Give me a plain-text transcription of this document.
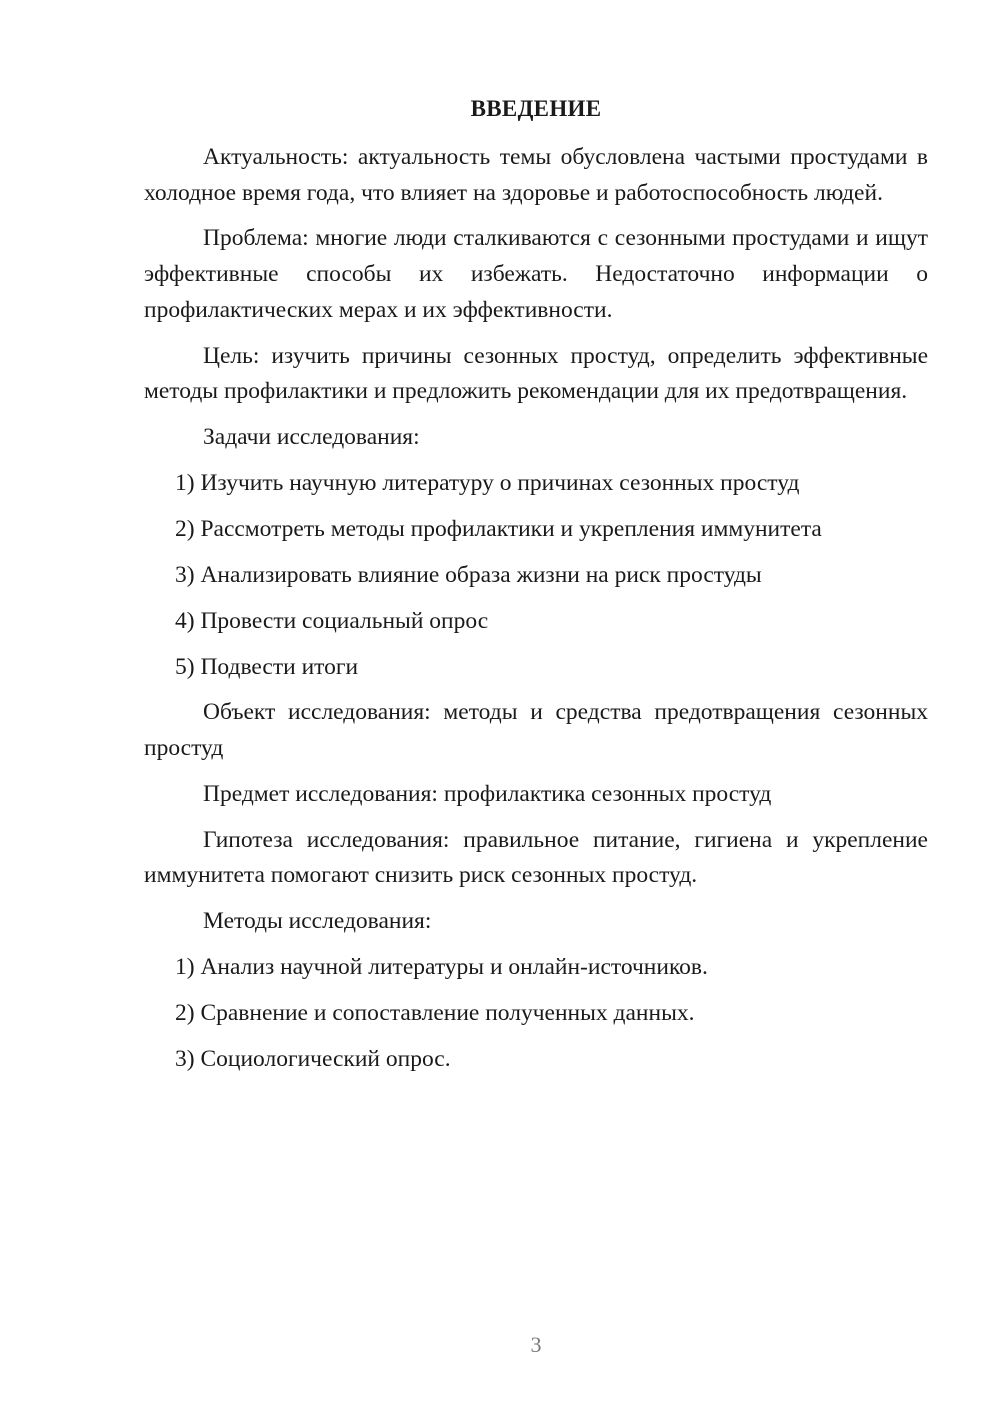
ВВЕДЕНИЕ

Актуальность: актуальность темы обусловлена частыми простудами в холодное время года, что влияет на здоровье и работоспособность людей.

Проблема: многие люди сталкиваются с сезонными простудами и ищут эффективные способы их избежать. Недостаточно информации о профилактических мерах и их эффективности.

Цель: изучить причины сезонных простуд, определить эффективные методы профилактики и предложить рекомендации для их предотвращения.

Задачи исследования:

1) Изучить научную литературу о причинах сезонных простуд

2) Рассмотреть методы профилактики и укрепления иммунитета

3) Анализировать влияние образа жизни на риск простуды

4) Провести социальный опрос

5) Подвести итоги

Объект исследования: методы и средства предотвращения сезонных простуд

Предмет исследования: профилактика сезонных простуд

Гипотеза исследования: правильное питание, гигиена и укрепление иммунитета помогают снизить риск сезонных простуд.

Методы исследования:

1) Анализ научной литературы и онлайн-источников.

2) Сравнение и сопоставление полученных данных.

3) Социологический опрос.

3
